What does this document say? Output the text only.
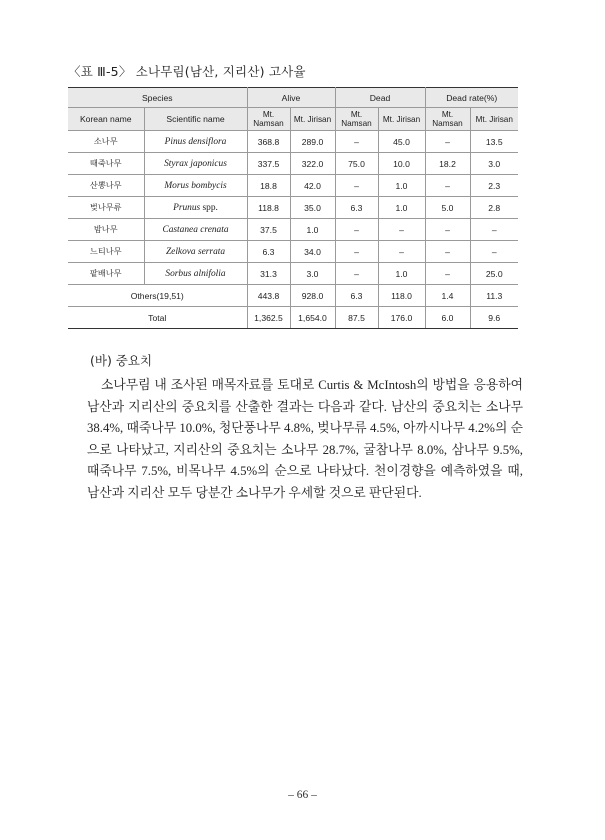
〈표 Ⅲ-5〉 소나무림(남산, 지리산) 고사율
Species		Alive		Dead		Dead rate(%)	
Korean name	Scientific name	Mt. Namsan	Mt. Jirisan	Mt. Namsan	Mt. Jirisan	Mt. Namsan	Mt. Jirisan
소나무	Pinus densiflora	368.8	289.0	–	45.0	–	13.5
때죽나무	Styrax japonicus	337.5	322.0	75.0	10.0	18.2	3.0
산뽕나무	Morus bombycis	18.8	42.0	–	1.0	–	2.3
벚나무류	Prunus spp.	118.8	35.0	6.3	1.0	5.0	2.8
밤나무	Castanea crenata	37.5	1.0	–	–	–	–
느티나무	Zelkova serrata	6.3	34.0	–	–	–	–
팥배나무	Sorbus alnifolia	31.3	3.0	–	1.0	–	25.0
Others(19,51)		443.8	928.0	6.3	118.0	1.4	11.3
Total		1,362.5	1,654.0	87.5	176.0	6.0	9.6
(바) 중요치
소나무림 내 조사된 매목자료를 토대로 Curtis & McIntosh의 방법을 응용하여 남산과 지리산의 중요치를 산출한 결과는 다음과 같다. 남산의 중요치는 소나무 38.4%, 때죽나무 10.0%, 청단풍나무 4.8%, 벚나무류 4.5%, 아까시나무 4.2%의 순으로 나타났고, 지리산의 중요치는 소나무 28.7%, 굴참나무 8.0%, 삼나무 9.5%, 때죽나무 7.5%, 비목나무 4.5%의 순으로 나타났다. 천이경향을 예측하였을 때, 남산과 지리산 모두 당분간 소나무가 우세할 것으로 판단된다.
– 66 –
